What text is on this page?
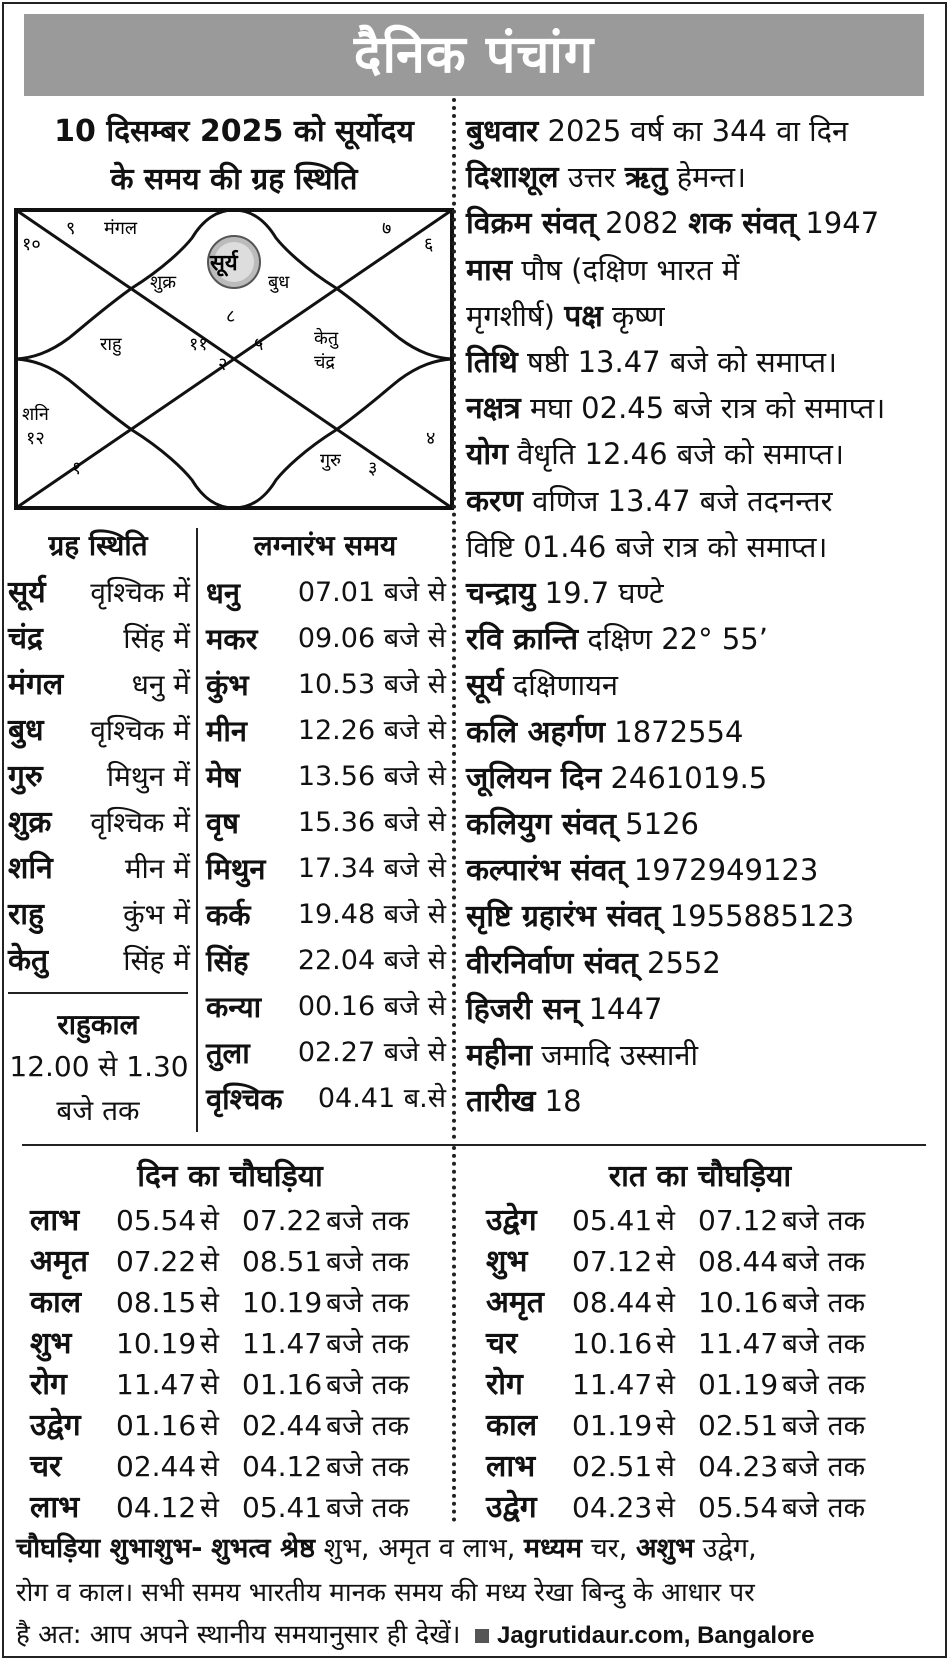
दैनिक पंचांग
10 दिसम्बर 2025 को सूर्योदय
के समय की ग्रह स्थिति
८
९
१०
११
१२
१
२
३
४
५
६
७
मंगल
सूर्य
शुक्र	बुध
राहु	केतु
चंद्र
शनि
गुरु
ग्रह स्थिति
सूर्य	वृश्चिक में
चंद्र	सिंह में
मंगल	धनु में
बुध	वृश्चिक में
गुरु	मिथुन में
शुक्र	वृश्चिक में
शनि	मीन में
राहु	कुंभ में
केतु	सिंह में
राहुकाल
12.00 से 1.30
बजे तक
लग्नारंभ समय
धनु 07.01 बजे से
मकर 09.06 बजे से
कुंभ 10.53 बजे से
मीन 12.26 बजे से
मेष 13.56 बजे से
वृष 15.36 बजे से
मिथुन 17.34 बजे से
कर्क 19.48 बजे से
सिंह 22.04 बजे से
कन्या 00.16 बजे से
तुला 02.27 बजे से
वृश्चिक	04.41 ब.से
बुधवार 2025 वर्ष का 344 वा दिन
दिशाशूल उत्तर ऋतु हेमन्त।
विक्रम संवत् 2082 शक संवत् 1947
मास पौष (दक्षिण भारत में
मृगशीर्ष) पक्ष कृष्ण
तिथि षष्ठी 13.47 बजे को समाप्त।
नक्षत्र मघा 02.45 बजे रात्र को समाप्त।
योग वैधृति 12.46 बजे को समाप्त।
करण वणिज 13.47 बजे तदनन्तर
विष्टि 01.46 बजे रात्र को समाप्त।
चन्द्रायु 19.7 घण्टे
रवि क्रान्ति दक्षिण 22° 55’
सूर्य दक्षिणायन
कलि अहर्गण 1872554
जूलियन दिन 2461019.5
कलियुग संवत् 5126
कल्पारंभ संवत् 1972949123
सृष्टि ग्रहारंभ संवत् 1955885123
वीरनिर्वाण संवत् 2552
हिजरी सन् 1447
महीना जमादि उस्सानी
तारीख 18
दिन का चौघड़िया	रात का चौघड़िया
लाभ 05.54 से 07.22 बजे तक
अमृत 07.22 से 08.51 बजे तक
काल 08.15 से 10.19 बजे तक
शुभ 10.19 से 11.47 बजे तक
रोग 11.47 से 01.16 बजे तक
उद्वेग 01.16 से 02.44 बजे तक
चर 02.44 से 04.12 बजे तक
लाभ 04.12 से 05.41 बजे तक
उद्वेग 05.41 से 07.12 बजे तक
शुभ 07.12 से 08.44 बजे तक
अमृत 08.44 से 10.16 बजे तक
चर 10.16 से 11.47 बजे तक
रोग 11.47 से 01.19 बजे तक
काल 01.19 से 02.51 बजे तक
लाभ 02.51 से 04.23 बजे तक
उद्वेग 04.23 से 05.54 बजे तक
चौघड़िया शुभाशुभ- शुभत्व श्रेष्ठ शुभ, अमृत व लाभ, मध्यम चर, अशुभ उद्वेग,
रोग व काल। सभी समय भारतीय मानक समय की मध्य रेखा बिन्दु के आधार पर
है अत: आप अपने स्थानीय समयानुसार ही देखें। Jagrutidaur.com, Bangalore
